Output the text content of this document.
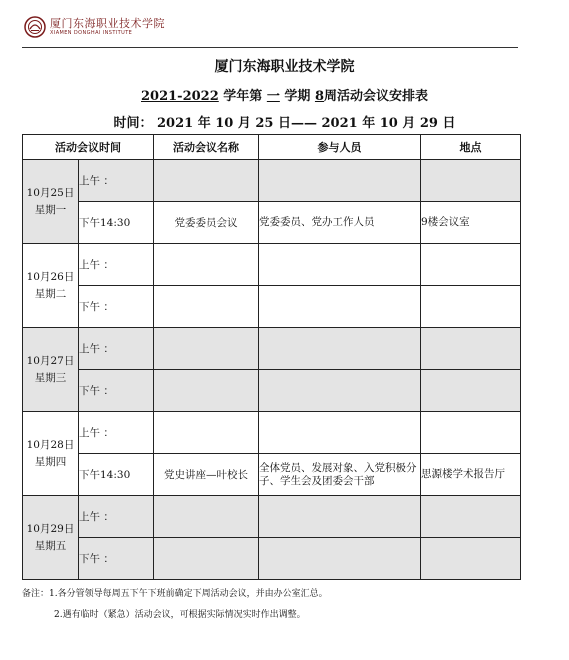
厦门东海职业技术学院
XIAMEN DONGHAI INSTITUTE
厦门东海职业技术学院
2021-2022 学年第 一 学期 8周活动会议安排表
时间： 2021 年 10 月 25 日—— 2021 年 10 月 29 日
活动会议时间		活动会议名称	参与人员	地点

10月25日
星期一	上午 ：			
	下午14:30	党委委员会议	党委委员、党办工作人员	9楼会议室

10月26日
星期二	上午 ：			
	下午 ：			

10月27日
星期三	上午 ：			
	下午 ：			

10月28日
星期四	上午 ：			
	下午14:30	党史讲座—叶校长	全体党员、发展对象、入党积极分子、学生会及团委会干部	思源楼学术报告厅

10月29日
星期五	上午 ：			
	下午 ：			
备注：1.各分管领导每周五下午下班前确定下周活动会议，并由办公室汇总。
2.遇有临时（紧急）活动会议，可根据实际情况实时作出调整。
